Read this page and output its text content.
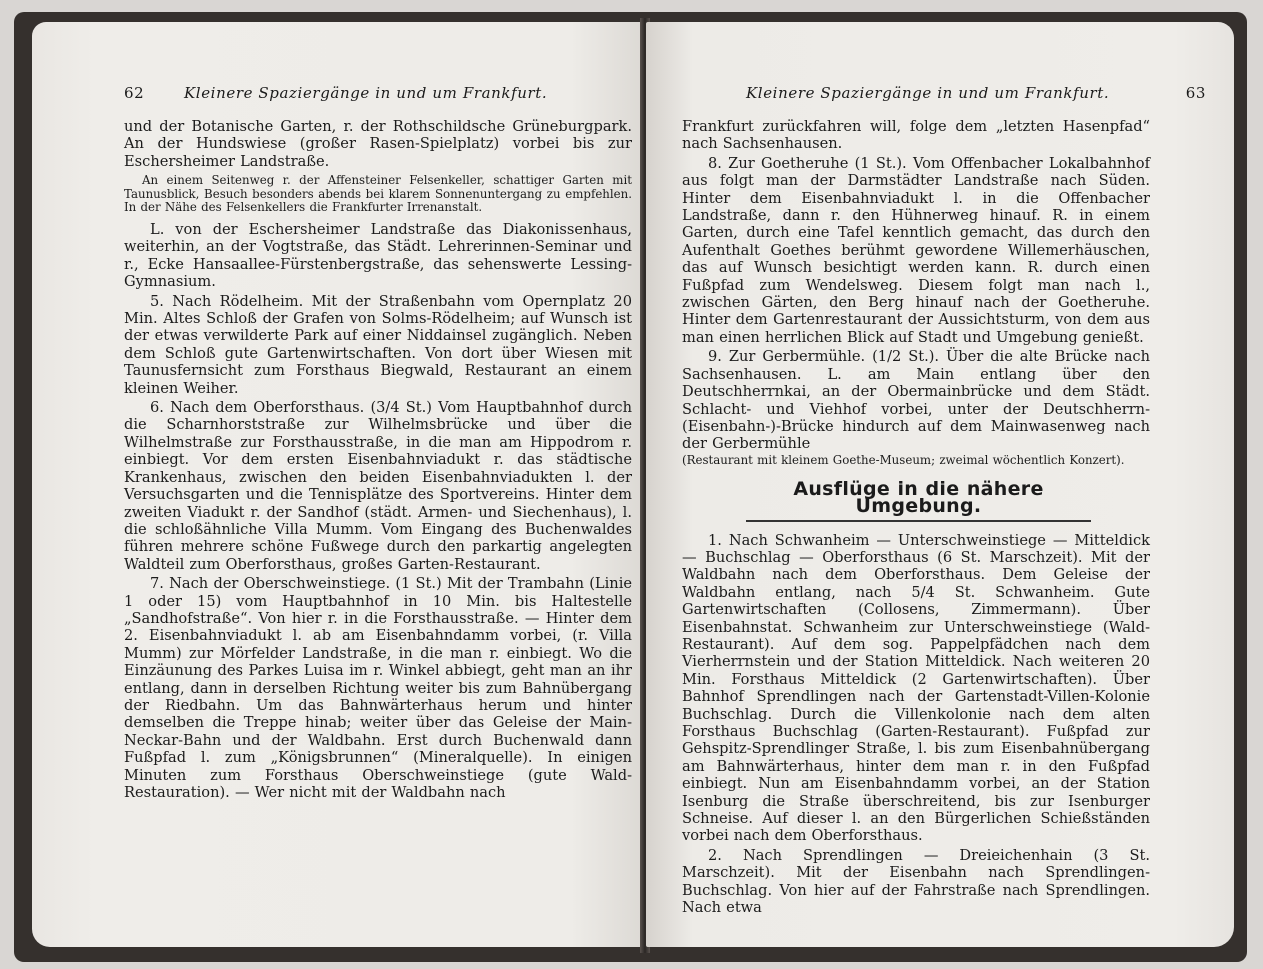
62	Kleinere Spaziergänge in und um Frankfurt.

und der Botanische Garten, r. der Rothschildsche Grüneburgpark. An der Hundswiese (großer Rasen-Spielplatz) vorbei bis zur Eschersheimer Landstraße.

An einem Seitenweg r. der Affensteiner Felsenkeller, schattiger Garten mit Taunusblick, Besuch besonders abends bei klarem Sonnenuntergang zu empfehlen. In der Nähe des Felsenkellers die Frankfurter Irrenanstalt.

L. von der Eschersheimer Landstraße das Diakonissenhaus, weiterhin, an der Vogtstraße, das Städt. Lehrerinnen-Seminar und r., Ecke Hansaallee-Fürstenbergstraße, das sehenswerte Lessing-Gymnasium.

5. Nach Rödelheim. Mit der Straßenbahn vom Opernplatz 20 Min. Altes Schloß der Grafen von Solms-Rödelheim; auf Wunsch ist der etwas verwilderte Park auf einer Niddainsel zugänglich. Neben dem Schloß gute Gartenwirtschaften. Von dort über Wiesen mit Taunusfernsicht zum Forsthaus Biegwald, Restaurant an einem kleinen Weiher.

6. Nach dem Oberforsthaus. (3/4 St.) Vom Hauptbahnhof durch die Scharnhorststraße zur Wilhelmsbrücke und über die Wilhelmstraße zur Forsthausstraße, in die man am Hippodrom r. einbiegt. Vor dem ersten Eisenbahnviadukt r. das städtische Krankenhaus, zwischen den beiden Eisenbahnviadukten l. der Versuchsgarten und die Tennisplätze des Sportvereins. Hinter dem zweiten Viadukt r. der Sandhof (städt. Armen- und Siechenhaus), l. die schloßähnliche Villa Mumm. Vom Eingang des Buchenwaldes führen mehrere schöne Fußwege durch den parkartig angelegten Waldteil zum Oberforsthaus, großes Garten-Restaurant.

7. Nach der Oberschweinstiege. (1 St.) Mit der Trambahn (Linie 1 oder 15) vom Hauptbahnhof in 10 Min. bis Haltestelle „Sandhofstraße“. Von hier r. in die Forsthausstraße. — Hinter dem 2. Eisenbahnviadukt l. ab am Eisenbahndamm vorbei, (r. Villa Mumm) zur Mörfelder Landstraße, in die man r. einbiegt. Wo die Einzäunung des Parkes Luisa im r. Winkel abbiegt, geht man an ihr entlang, dann in derselben Richtung weiter bis zum Bahnübergang der Riedbahn. Um das Bahnwärterhaus herum und hinter demselben die Treppe hinab; weiter über das Geleise der Main-Neckar-Bahn und der Waldbahn. Erst durch Buchenwald dann Fußpfad l. zum „Königsbrunnen“ (Mineralquelle). In einigen Minuten zum Forsthaus Oberschweinstiege (gute Wald-Restauration). — Wer nicht mit der Waldbahn nach

Kleinere Spaziergänge in und um Frankfurt.	63

Frankfurt zurückfahren will, folge dem „letzten Hasenpfad“ nach Sachsenhausen.

8. Zur Goetheruhe (1 St.). Vom Offenbacher Lokalbahnhof aus folgt man der Darmstädter Landstraße nach Süden. Hinter dem Eisenbahnviadukt l. in die Offenbacher Landstraße, dann r. den Hühnerweg hinauf. R. in einem Garten, durch eine Tafel kenntlich gemacht, das durch den Aufenthalt Goethes berühmt gewordene Willemerhäuschen, das auf Wunsch besichtigt werden kann. R. durch einen Fußpfad zum Wendelsweg. Diesem folgt man nach l., zwischen Gärten, den Berg hinauf nach der Goetheruhe. Hinter dem Gartenrestaurant der Aussichtsturm, von dem aus man einen herrlichen Blick auf Stadt und Umgebung genießt.

9. Zur Gerbermühle. (1/2 St.). Über die alte Brücke nach Sachsenhausen. L. am Main entlang über den Deutschherrnkai, an der Obermainbrücke und dem Städt. Schlacht- und Viehhof vorbei, unter der Deutschherrn-(Eisenbahn-)-Brücke hindurch auf dem Mainwasenweg nach der Gerbermühle

(Restaurant mit kleinem Goethe-Museum; zweimal wöchentlich Konzert).

Ausflüge in die nähere Umgebung.

1. Nach Schwanheim — Unterschweinstiege — Mitteldick — Buchschlag — Oberforsthaus (6 St. Marschzeit). Mit der Waldbahn nach dem Oberforsthaus. Dem Geleise der Waldbahn entlang, nach 5/4 St. Schwanheim. Gute Gartenwirtschaften (Collosens, Zimmermann). Über Eisenbahnstat. Schwanheim zur Unterschweinstiege (Wald-Restaurant). Auf dem sog. Pappelpfädchen nach dem Vierherrnstein und der Station Mitteldick. Nach weiteren 20 Min. Forsthaus Mitteldick (2 Gartenwirtschaften). Über Bahnhof Sprendlingen nach der Gartenstadt-Villen-Kolonie Buchschlag. Durch die Villenkolonie nach dem alten Forsthaus Buchschlag (Garten-Restaurant). Fußpfad zur Gehspitz-Sprendlinger Straße, l. bis zum Eisenbahnübergang am Bahnwärterhaus, hinter dem man r. in den Fußpfad einbiegt. Nun am Eisenbahndamm vorbei, an der Station Isenburg die Straße überschreitend, bis zur Isenburger Schneise. Auf dieser l. an den Bürgerlichen Schießständen vorbei nach dem Oberforsthaus.

2. Nach Sprendlingen — Dreieichenhain (3 St. Marschzeit). Mit der Eisenbahn nach Sprendlingen-Buchschlag. Von hier auf der Fahrstraße nach Sprendlingen. Nach etwa
